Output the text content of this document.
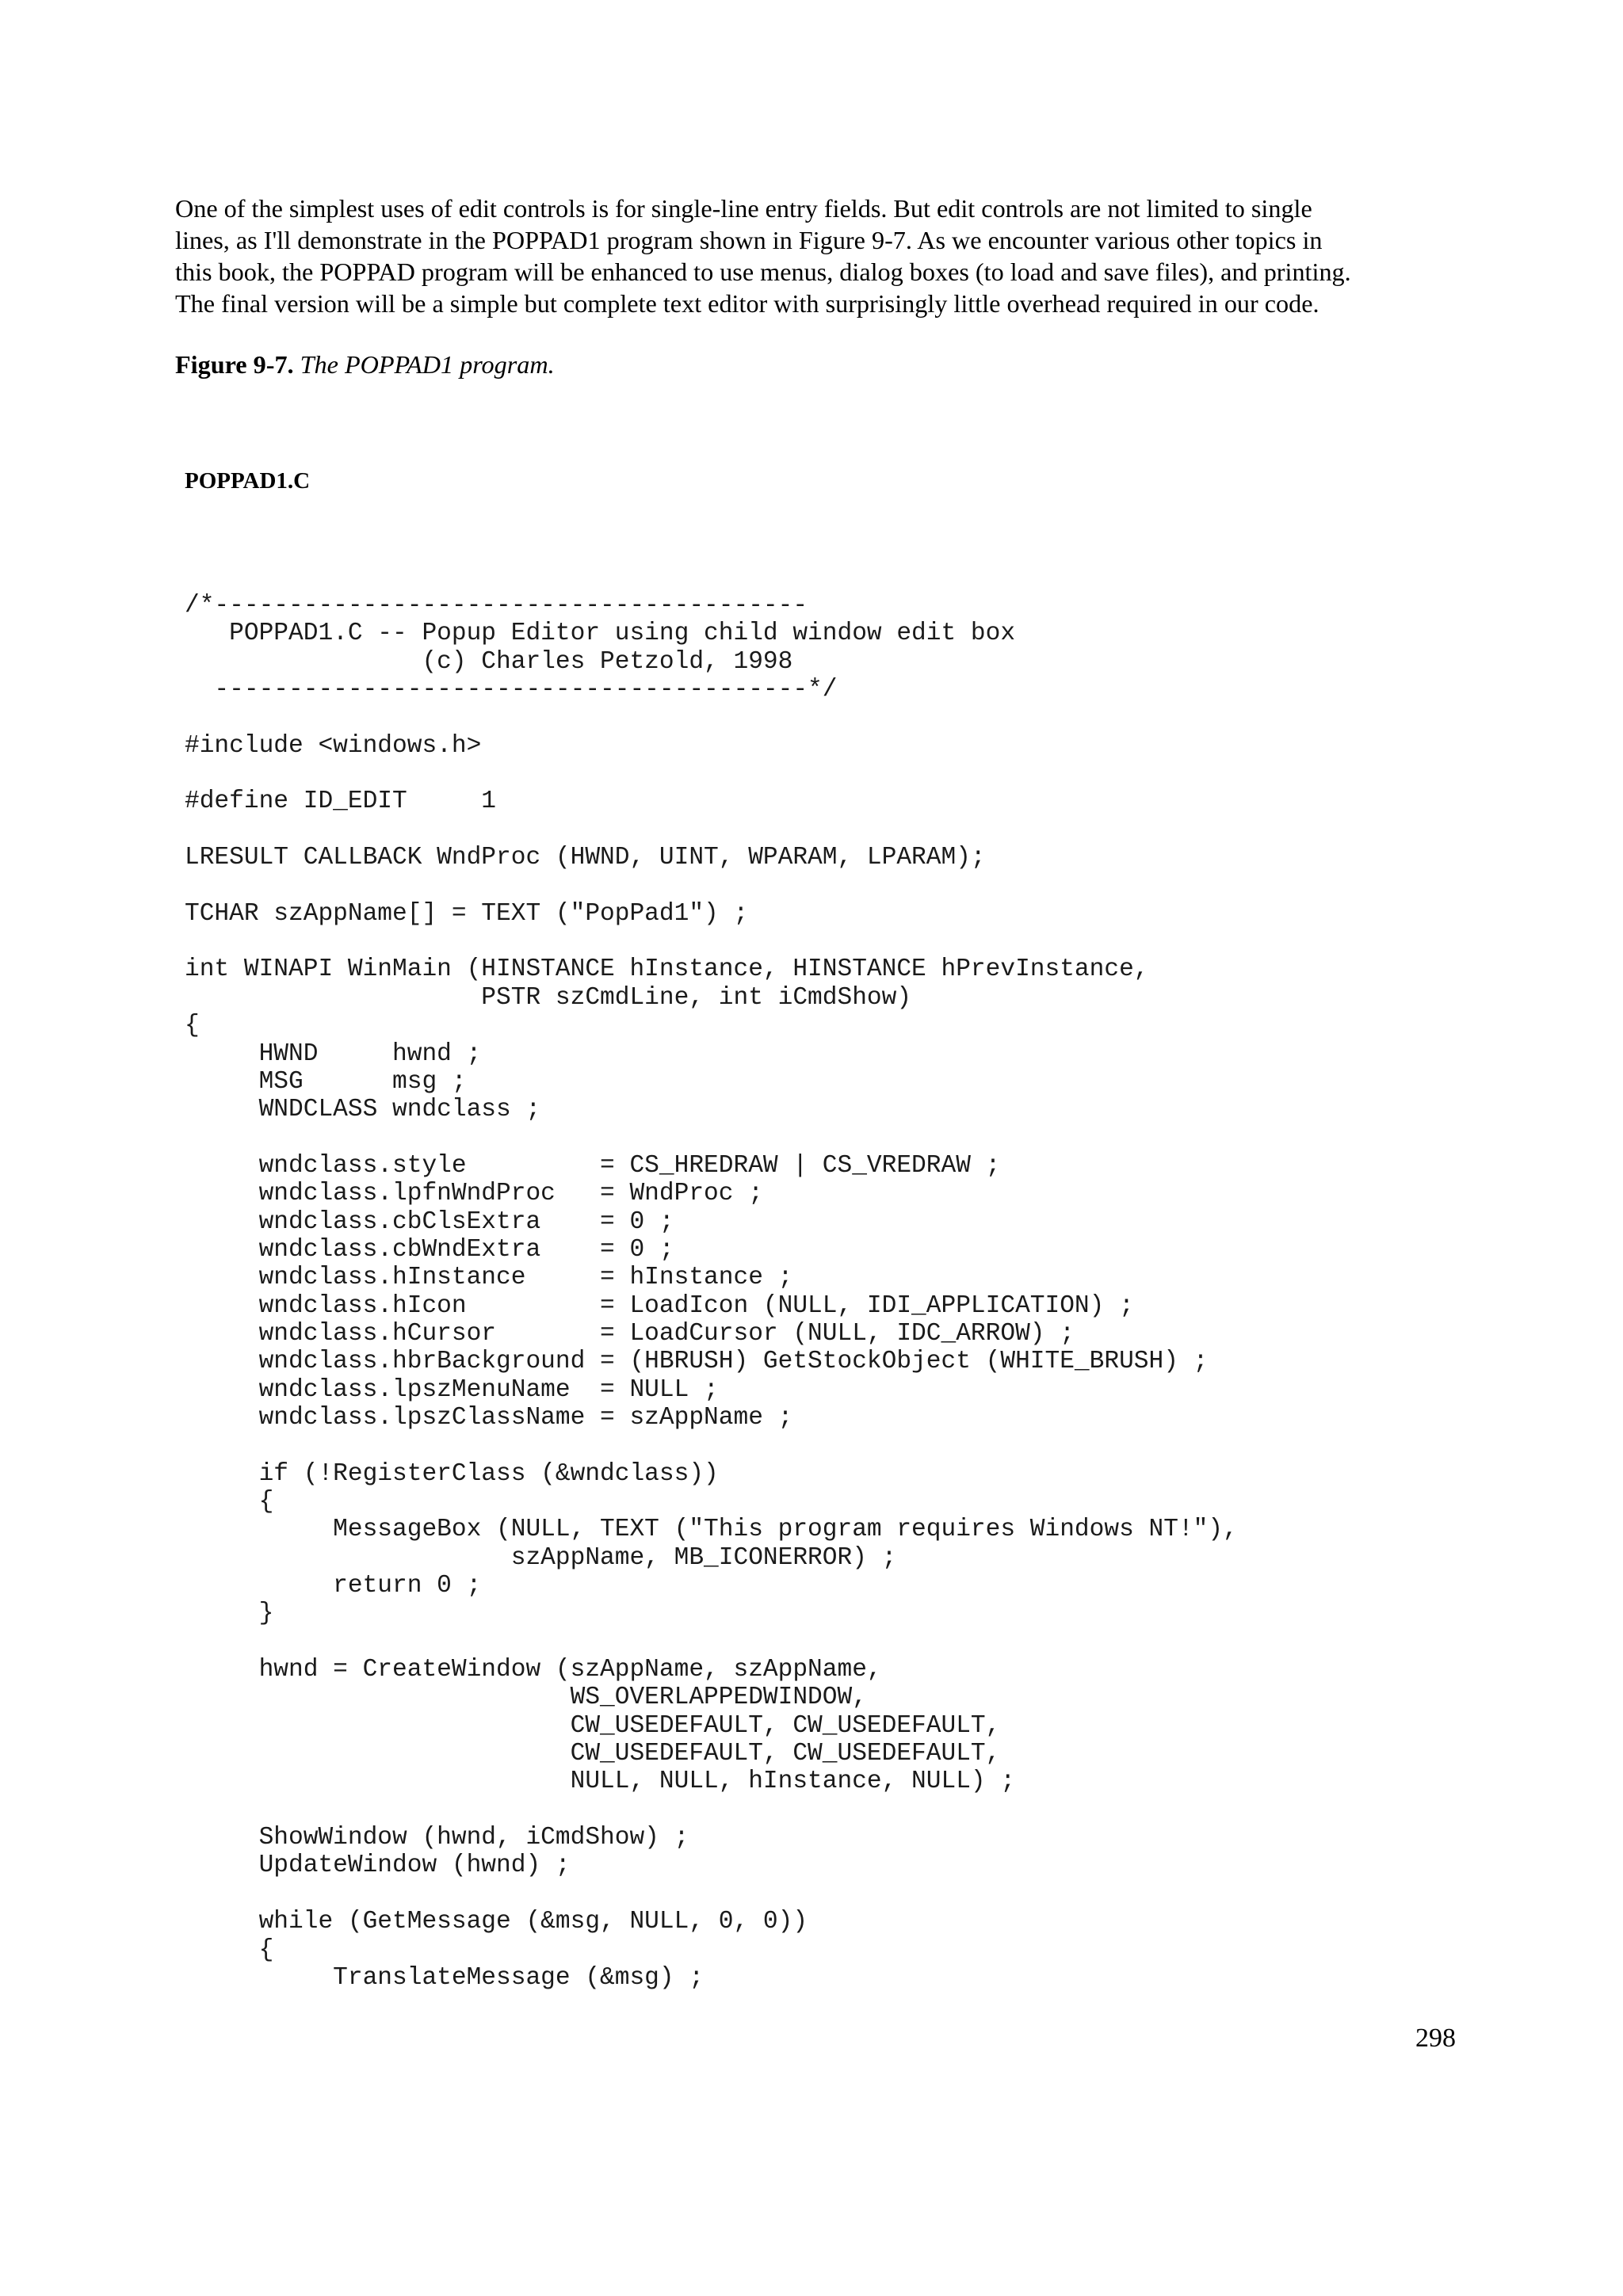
One of the simplest uses of edit controls is for single-line entry fields. But edit controls are not limited to single
lines, as I'll demonstrate in the POPPAD1 program shown in Figure 9-7. As we encounter various other topics in
this book, the POPPAD program will be enhanced to use menus, dialog boxes (to load and save files), and printing.
The final version will be a simple but complete text editor with surprisingly little overhead required in our code.
Figure 9-7. The POPPAD1 program.
POPPAD1.C
/*----------------------------------------
POPPAD1.C -- Popup Editor using child window edit box
(c) Charles Petzold, 1998
----------------------------------------*/
#include <windows.h>
#define ID_EDIT     1
LRESULT CALLBACK WndProc (HWND, UINT, WPARAM, LPARAM);
TCHAR szAppName[] = TEXT ("PopPad1") ;
int WINAPI WinMain (HINSTANCE hInstance, HINSTANCE hPrevInstance,
PSTR szCmdLine, int iCmdShow)
{
HWND     hwnd ;
MSG      msg ;
WNDCLASS wndclass ;
wndclass.style         = CS_HREDRAW | CS_VREDRAW ;
wndclass.lpfnWndProc   = WndProc ;
wndclass.cbClsExtra    = 0 ;
wndclass.cbWndExtra    = 0 ;
wndclass.hInstance     = hInstance ;
wndclass.hIcon         = LoadIcon (NULL, IDI_APPLICATION) ;
wndclass.hCursor       = LoadCursor (NULL, IDC_ARROW) ;
wndclass.hbrBackground = (HBRUSH) GetStockObject (WHITE_BRUSH) ;
wndclass.lpszMenuName  = NULL ;
wndclass.lpszClassName = szAppName ;
if (!RegisterClass (&wndclass))
{
MessageBox (NULL, TEXT ("This program requires Windows NT!"),
szAppName, MB_ICONERROR) ;
return 0 ;
}
hwnd = CreateWindow (szAppName, szAppName,
WS_OVERLAPPEDWINDOW,
CW_USEDEFAULT, CW_USEDEFAULT,
CW_USEDEFAULT, CW_USEDEFAULT,
NULL, NULL, hInstance, NULL) ;
ShowWindow (hwnd, iCmdShow) ;
UpdateWindow (hwnd) ;
while (GetMessage (&msg, NULL, 0, 0))
{
TranslateMessage (&msg) ;
298
